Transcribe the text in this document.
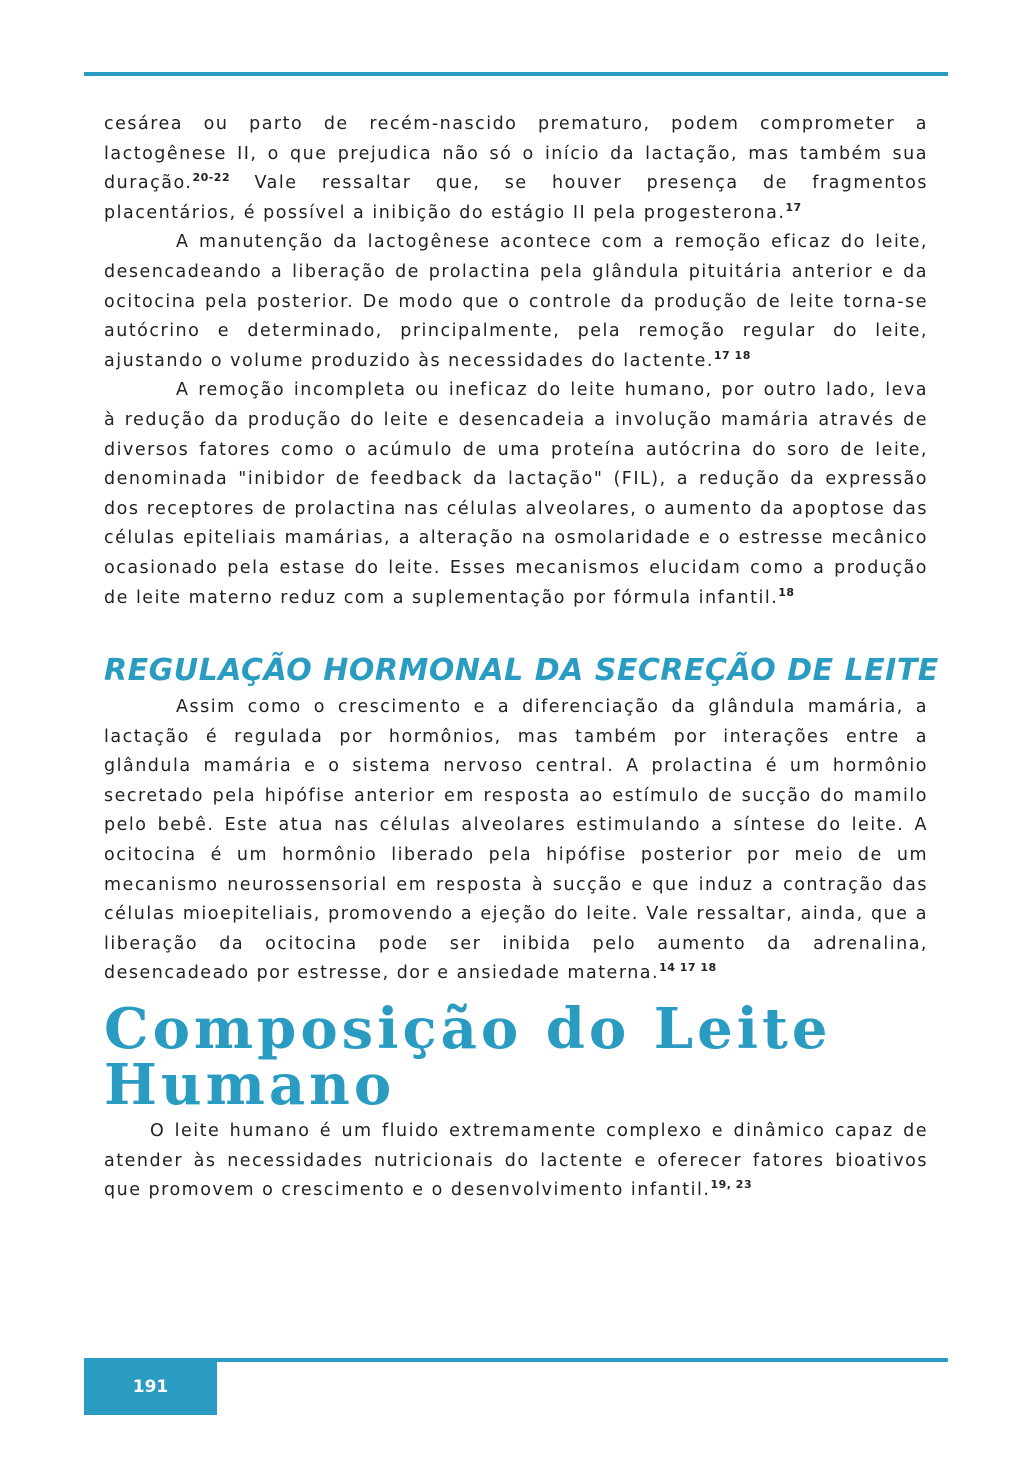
cesárea ou parto de recém-nascido prematuro, podem comprometer a lactogênese II, o que prejudica não só o início da lactação, mas também sua duração.$^{20-22}$ Vale ressaltar que, se houver presença de fragmentos placentários, é possível a inibição do estágio II pela progesterona.$^{17}$

A manutenção da lactogênese acontece com a remoção eficaz do leite, desencadeando a liberação de prolactina pela glândula pituitária anterior e da ocitocina pela posterior. De modo que o controle da produção de leite torna-se autócrino e determinado, principalmente, pela remoção regular do leite, ajustando o volume produzido às necessidades do lactente.$^{17 18}$

A remoção incompleta ou ineficaz do leite humano, por outro lado, leva à redução da produção do leite e desencadeia a involução mamária através de diversos fatores como o acúmulo de uma proteína autócrina do soro de leite, denominada "inibidor de feedback da lactação" (FIL), a redução da expressão dos receptores de prolactina nas células alveolares, o aumento da apoptose das células epiteliais mamárias, a alteração na osmolaridade e o estresse mecânico ocasionado pela estase do leite. Esses mecanismos elucidam como a produção de leite materno reduz com a suplementação por fórmula infantil.$^{18}$

REGULAÇÃO HORMONAL DA SECREÇÃO DE LEITE

Assim como o crescimento e a diferenciação da glândula mamária, a lactação é regulada por hormônios, mas também por interações entre a glândula mamária e o sistema nervoso central. A prolactina é um hormônio secretado pela hipófise anterior em resposta ao estímulo de sucção do mamilo pelo bebê. Este atua nas células alveolares estimulando a síntese do leite. A ocitocina é um hormônio liberado pela hipófise posterior por meio de um mecanismo neurossensorial em resposta à sucção e que induz a contração das células mioepiteliais, promovendo a ejeção do leite. Vale ressaltar, ainda, que a liberação da ocitocina pode ser inibida pelo aumento da adrenalina, desencadeado por estresse, dor e ansiedade materna.$^{14 17 18}$

Composição do Leite
Humano

O leite humano é um fluido extremamente complexo e dinâmico capaz de atender às necessidades nutricionais do lactente e oferecer fatores bioativos que promovem o crescimento e o desenvolvimento infantil.$^{19, 23}$

191
